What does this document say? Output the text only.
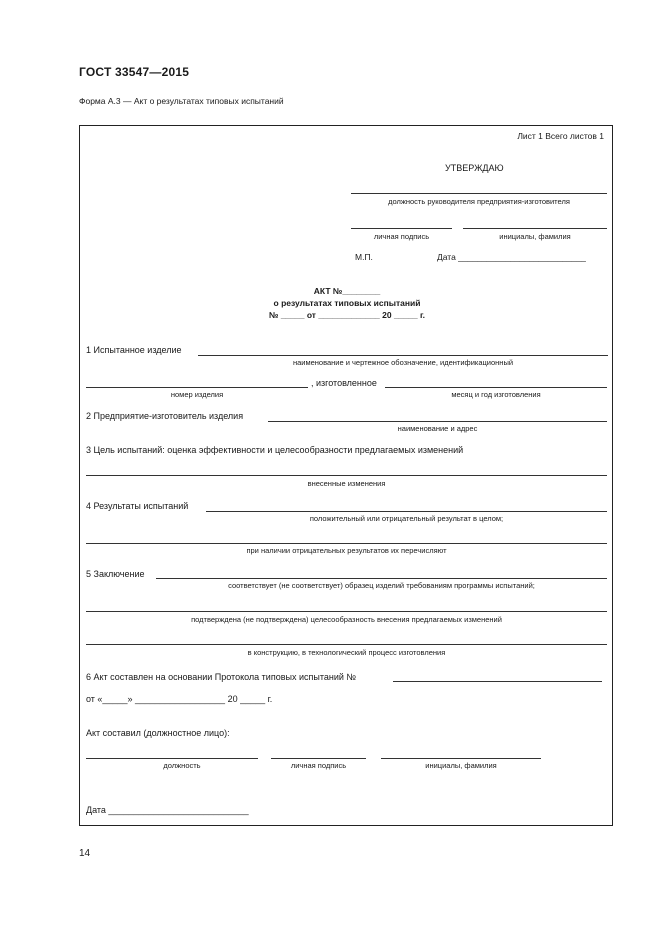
ГОСТ 33547—2015
Форма А.3 — Акт о результатах типовых испытаний
Лист 1 Всего листов 1
УТВЕРЖДАЮ
должность руководителя предприятия-изготовителя
личная подпись	инициалы, фамилия
М.П.	Дата ___________________________
АКТ №________
о результатах типовых испытаний
№ _____ от _____________ 20 _____ г.
1 Испытанное изделие
наименование и чертежное обозначение, идентификационный
, изготовленное
номер изделия	месяц и год изготовления
2 Предприятие-изготовитель изделия
наименование и адрес
3 Цель испытаний: оценка эффективности и целесообразности предлагаемых изменений
внесенные изменения
4 Результаты испытаний
положительный или отрицательный результат в целом;
при наличии отрицательных результатов их перечисляют
5 Заключение
соответствует (не соответствует) образец изделий требованиям программы испытаний;
подтверждена (не подтверждена) целесообразность внесения предлагаемых изменений
в конструкцию, в технологический процесс изготовления
6 Акт составлен на основании Протокола типовых испытаний №
от «_____» __________________ 20 _____ г.
Акт составил (должностное лицо):
должность	личная подпись	инициалы, фамилия
Дата ____________________________
14
